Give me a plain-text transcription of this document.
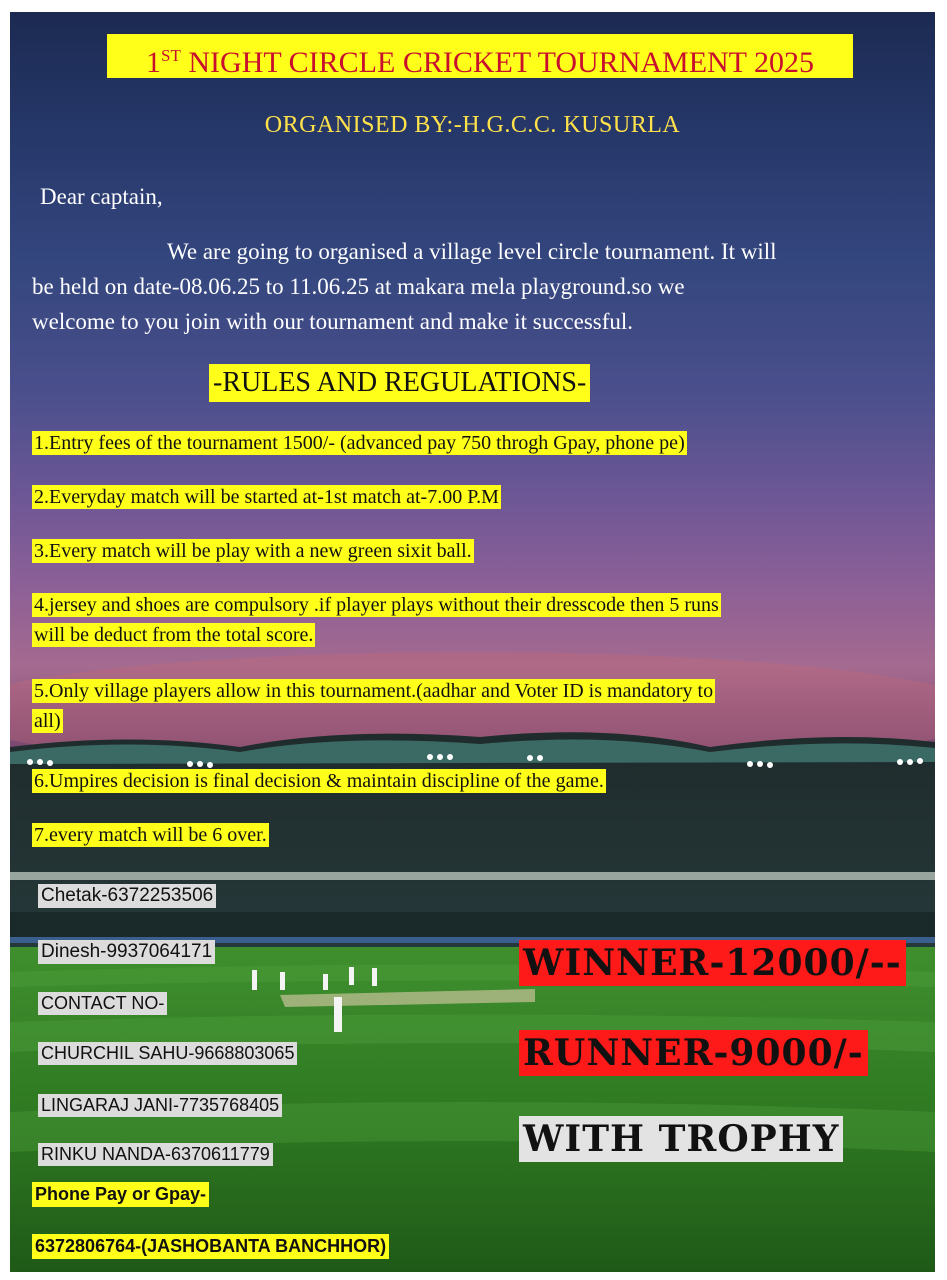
1ST NIGHT CIRCLE CRICKET TOURNAMENT 2025
ORGANISED BY:-H.G.C.C. KUSURLA
Dear captain,
We are going to organised a village level circle tournament. It will
be held on date-08.06.25 to 11.06.25 at makara mela playground.so we
welcome to you join with our tournament and make it successful.
-RULES AND REGULATIONS-
1.Entry fees of the tournament 1500/- (advanced pay 750 throgh Gpay, phone pe)
2.Everyday match will be started at-1st match at-7.00 P.M
3.Every match will be play with a new green sixit ball.
4.jersey and shoes are compulsory .if player plays without their dresscode then 5 runs
will be deduct from the total score.
5.Only village players allow in this tournament.(aadhar and Voter ID is mandatory to
all)
6.Umpires decision is final decision & maintain discipline of the game.
7.every match will be 6 over.
Chetak-6372253506
Dinesh-9937064171
CONTACT NO-
CHURCHIL SAHU-9668803065
LINGARAJ JANI-7735768405
RINKU NANDA-6370611779
Phone Pay or Gpay-
6372806764-(JASHOBANTA BANCHHOR)
WINNER-12000/--
RUNNER-9000/-
WITH TROPHY
